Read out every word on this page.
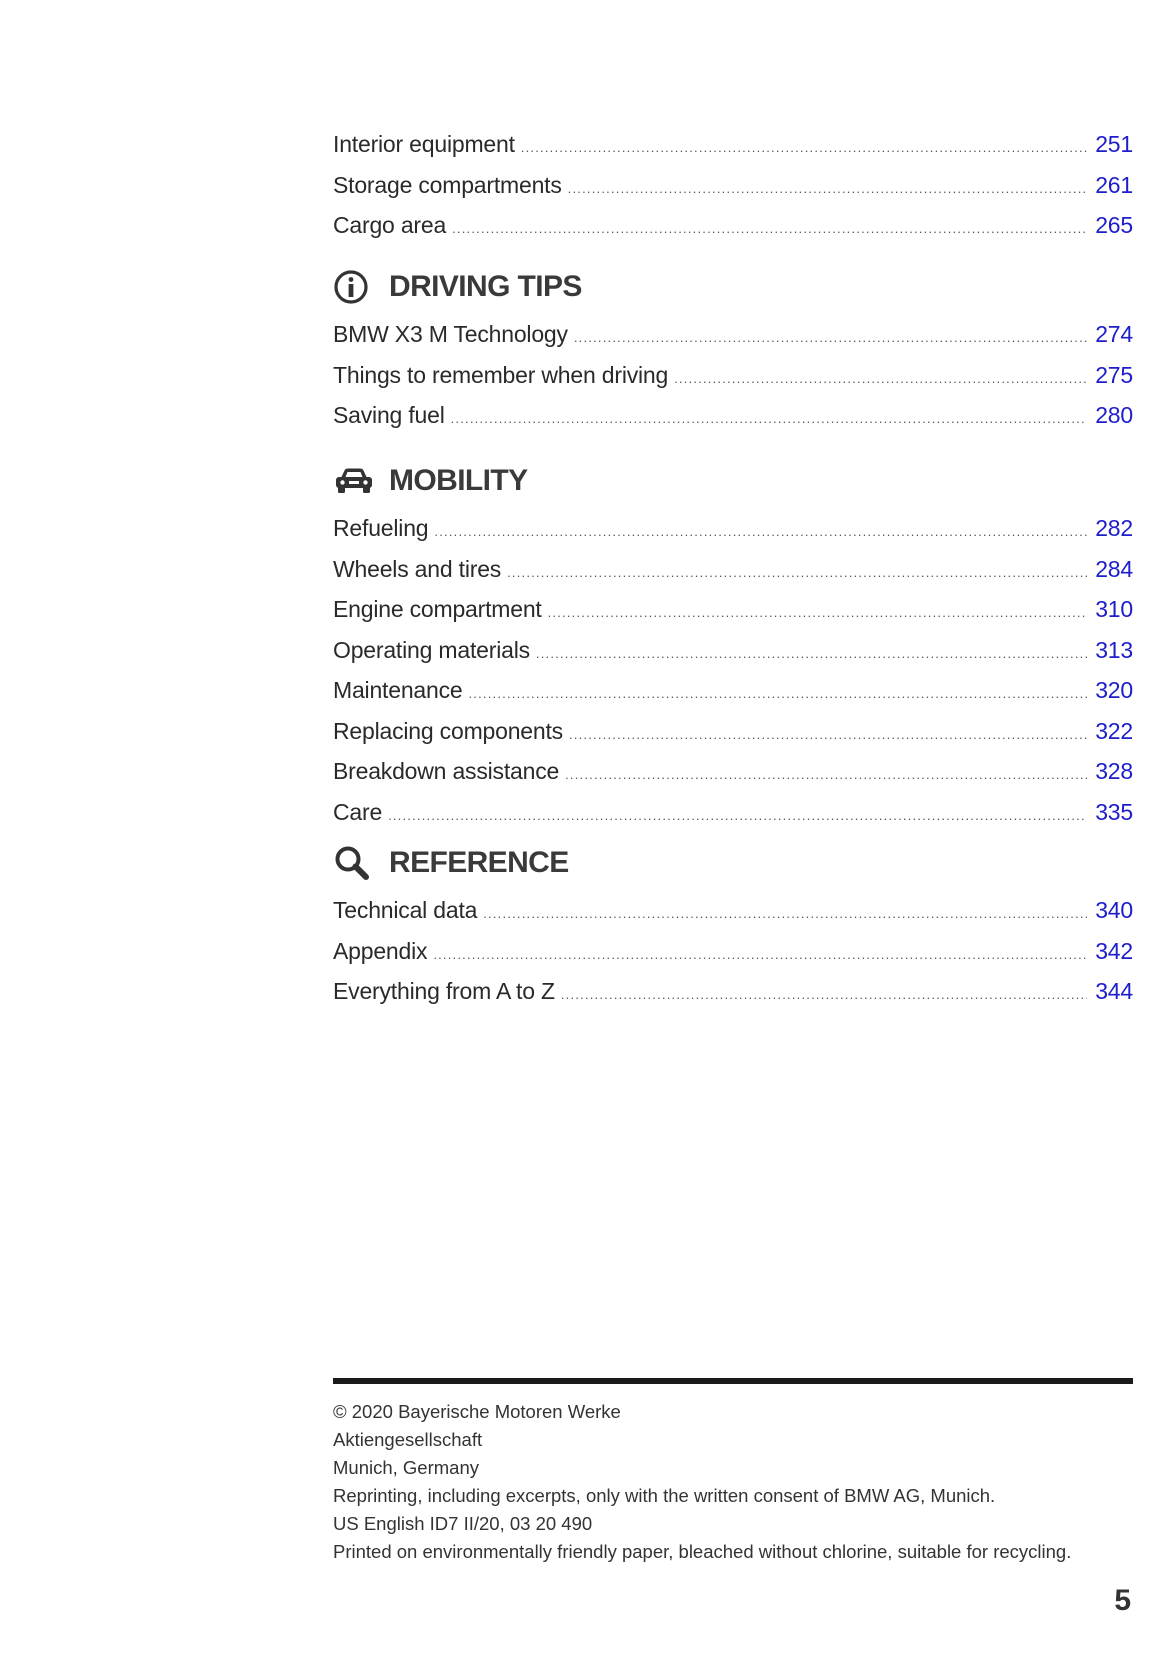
Interior equipment .....	251
Storage compartments .....	261
Cargo area .....	265
DRIVING TIPS
BMW X3 M Technology .....	274
Things to remember when driving .....	275
Saving fuel .....	280
MOBILITY
Refueling .....	282
Wheels and tires .....	284
Engine compartment .....	310
Operating materials .....	313
Maintenance .....	320
Replacing components .....	322
Breakdown assistance .....	328
Care .....	335
REFERENCE
Technical data .....	340
Appendix .....	342
Everything from A to Z .....	344
© 2020 Bayerische Motoren Werke
Aktiengesellschaft
Munich, Germany
Reprinting, including excerpts, only with the written consent of BMW AG, Munich.
US English ID7 II/20, 03 20 490
Printed on environmentally friendly paper, bleached without chlorine, suitable for recycling.
5
